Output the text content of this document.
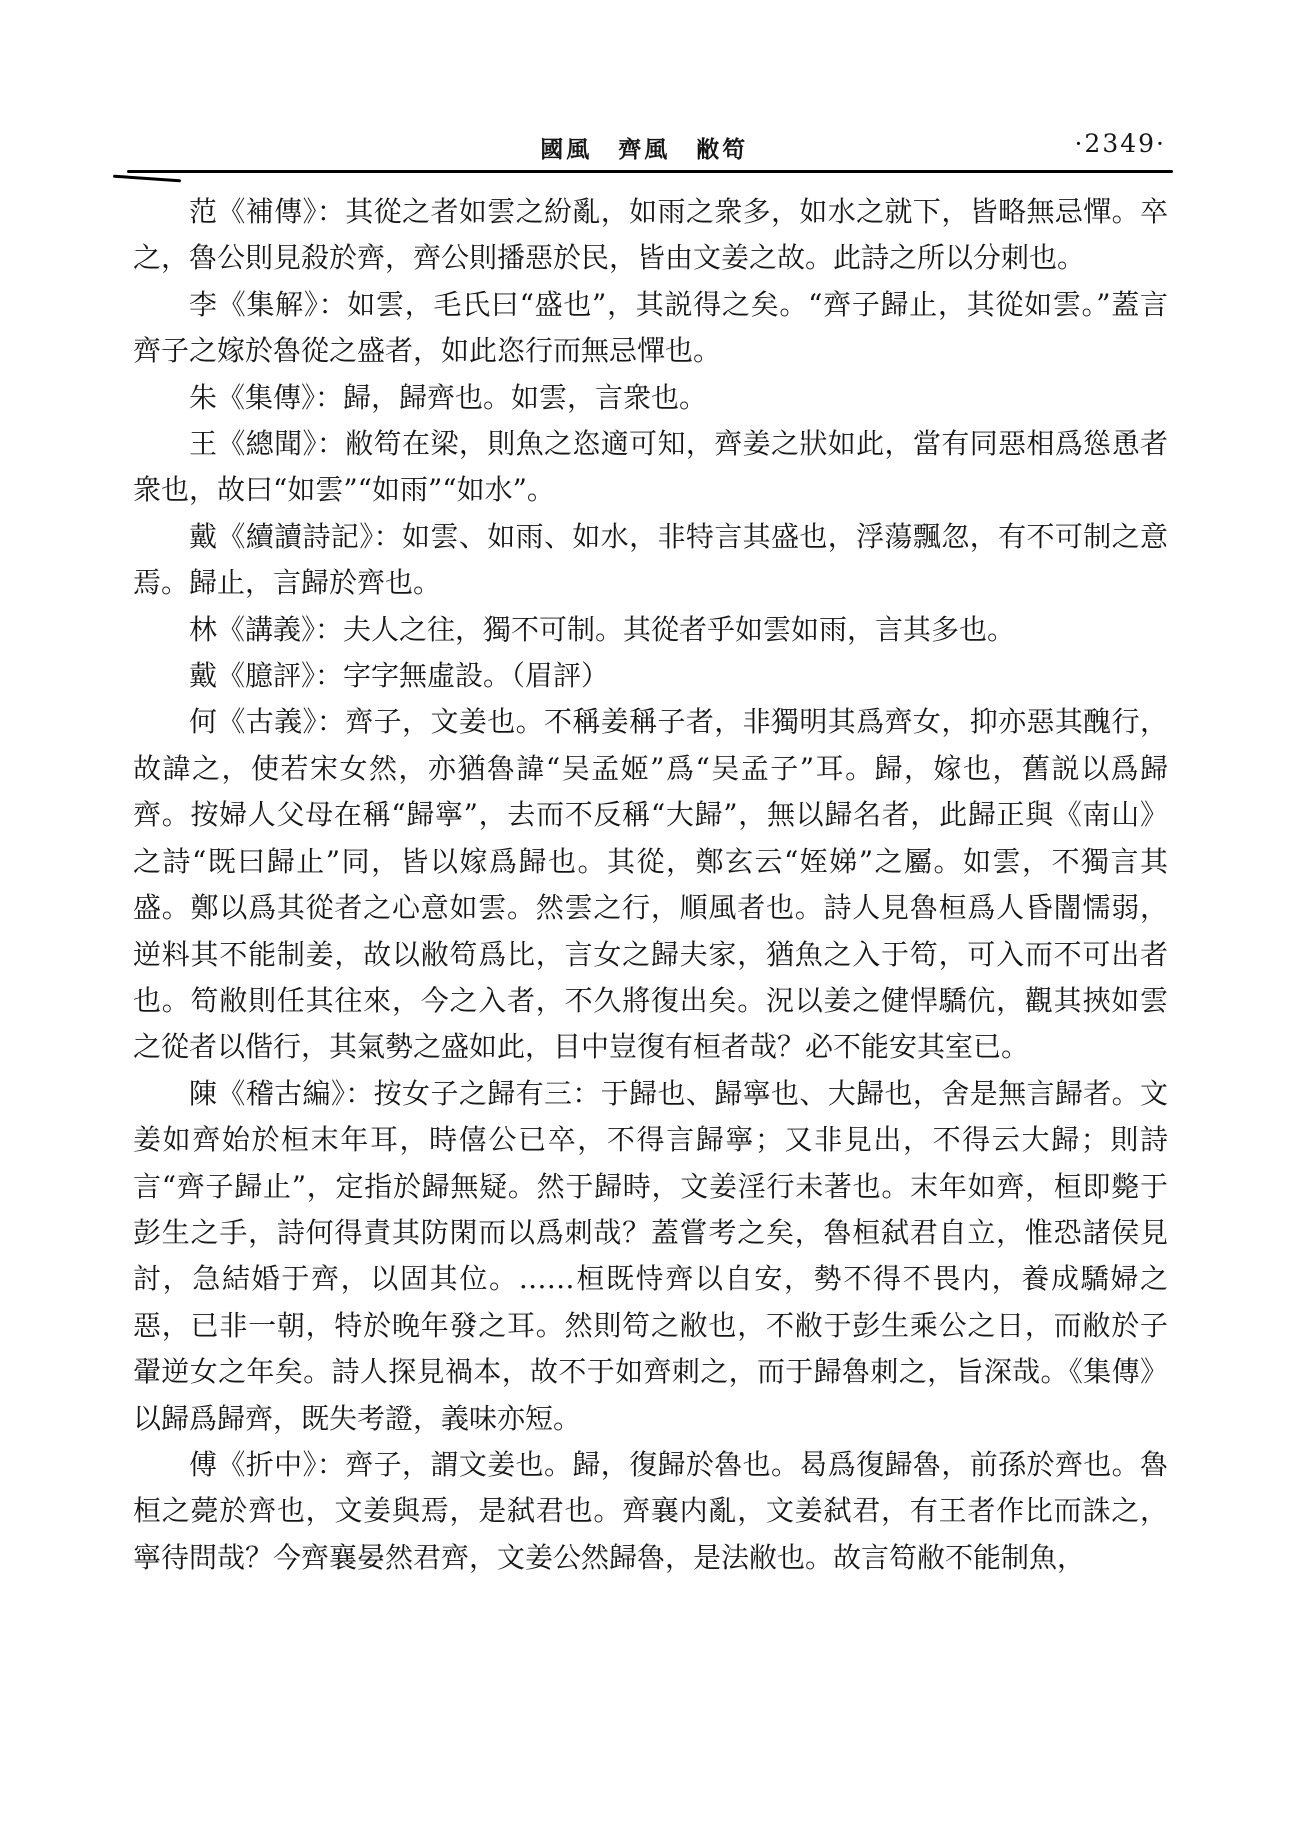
國風　齊風　敝笱	·2349·

范《補傳》：其從之者如雲之紛亂，如雨之衆多，如水之就下，皆略無忌憚。卒之，魯公則見殺於齊，齊公則播惡於民，皆由文姜之故。此詩之所以分刺也。

李《集解》：如雲，毛氏曰“盛也”，其説得之矣。“齊子歸止，其從如雲。”蓋言齊子之嫁於魯從之盛者，如此恣行而無忌憚也。

朱《集傳》：歸，歸齊也。如雲，言衆也。

王《總聞》：敝笱在梁，則魚之恣適可知，齊姜之狀如此，當有同惡相爲慫恿者衆也，故曰“如雲”“如雨”“如水”。

戴《續讀詩記》：如雲、如雨、如水，非特言其盛也，浮蕩飄忽，有不可制之意焉。歸止，言歸於齊也。

林《講義》：夫人之往，獨不可制。其從者乎如雲如雨，言其多也。

戴《臆評》：字字無虛設。（眉評）

何《古義》：齊子，文姜也。不稱姜稱子者，非獨明其爲齊女，抑亦惡其醜行，故諱之，使若宋女然，亦猶魯諱“吴孟姬”爲“吴孟子”耳。歸，嫁也，舊説以爲歸齊。按婦人父母在稱“歸寧”，去而不反稱“大歸”，無以歸名者，此歸正與《南山》之詩“既曰歸止”同，皆以嫁爲歸也。其從，鄭玄云“姪娣”之屬。如雲，不獨言其盛。鄭以爲其從者之心意如雲。然雲之行，順風者也。詩人見魯桓爲人昏闇懦弱，逆料其不能制姜，故以敝笱爲比，言女之歸夫家，猶魚之入于笱，可入而不可出者也。笱敝則任其往來，今之入者，不久將復出矣。況以姜之健悍驕伉，觀其挾如雲之從者以偕行，其氣勢之盛如此，目中豈復有桓者哉？必不能安其室已。

陳《稽古編》：按女子之歸有三：于歸也、歸寧也、大歸也，舍是無言歸者。文姜如齊始於桓末年耳，時僖公已卒，不得言歸寧；又非見出，不得云大歸；則詩言“齊子歸止”，定指於歸無疑。然于歸時，文姜淫行未著也。末年如齊，桓即斃于彭生之手，詩何得責其防閑而以爲刺哉？蓋嘗考之矣，魯桓弑君自立，惟恐諸侯見討，急結婚于齊，以固其位。……桓既恃齊以自安，勢不得不畏内，養成驕婦之惡，已非一朝，特於晚年發之耳。然則笱之敝也，不敝于彭生乘公之日，而敝於子翬逆女之年矣。詩人探見禍本，故不于如齊刺之，而于歸魯刺之，旨深哉。《集傳》以歸爲歸齊，既失考證，義味亦短。

傅《折中》：齊子，謂文姜也。歸，復歸於魯也。曷爲復歸魯，前孫於齊也。魯桓之薨於齊也，文姜與焉，是弑君也。齊襄内亂，文姜弑君，有王者作比而誅之，寧待問哉？今齊襄晏然君齊，文姜公然歸魯，是法敝也。故言笱敝不能制魚，
